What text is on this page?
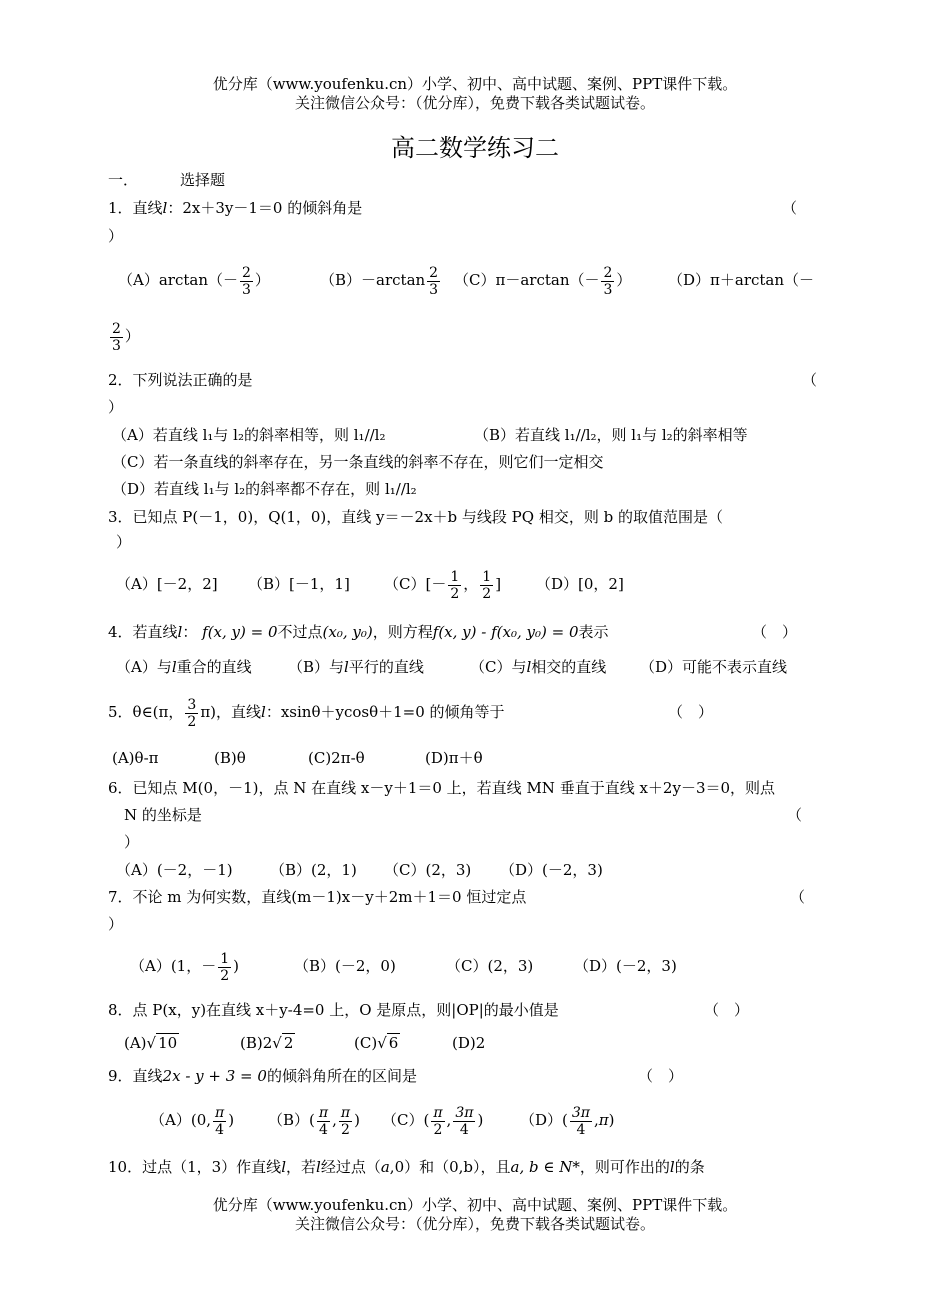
优分库（www.youfenku.cn）小学、初中、高中试题、案例、PPT课件下载。
关注微信公众号：（优分库），免费下载各类试题试卷。
高二数学练习二
一．	选择题
1．直线l：2x＋3y－1＝0 的倾斜角是	（
）
$(A)\arctan(- \frac{2}{3}$ ）	$(B)-\arctan \frac{2}{3} (C)\pi-\arctan(- \frac{2}{3}$ ） （D）π＋arctan（－
$\frac{2}{3}$ ）
2．下列说法正确的是	（
）
（A）若直线 l₁与 l₂的斜率相等，则 l₁//l₂	（B）若直线 l₁//l₂，则 l₁与 l₂的斜率相等
（C）若一条直线的斜率存在，另一条直线的斜率不存在，则它们一定相交
（D）若直线 l₁与 l₂的斜率都不存在，则 l₁//l₂
3．已知点 P(－1，0)，Q(1，0)，直线 y＝－2x＋b 与线段 PQ 相交，则 b 的取值范围是（
）
（A）[－2，2] （B）[－1，1] $(C)[- \frac{1}{2}$ ， $\frac{1}{2}$ ] （D）[0，2]
4．若直线l： f(x, y) = 0不过点(x₀, y₀)，则方程f(x, y) - f(x₀, y₀) = 0表示	（　）
（A）与l重合的直线 （B）与l平行的直线	（C）与l相交的直线 （D）可能不表示直线
5．θ∈(π， $\frac{3}{2} \pi$)，直线l：xsinθ＋ycosθ＋1=0 的倾角等于	（　）
(A)θ-π	(B)θ	(C)2π-θ	(D)π＋θ
6．已知点 M(0，－1)，点 N 在直线 x－y＋1＝0 上，若直线 MN 垂直于直线 x＋2y－3＝0，则点
N 的坐标是	（
）
（A）(－2，－1) （B）(2，1) （C）(2，3) （D）(－2，3)
7．不论 m 为何实数，直线(m－1)x－y＋2m＋1＝0 恒过定点	（
）
（A）(1，－ $\frac{1}{2}$ )	（B）(－2，0)	（C）(2，3)	（D）(－2，3)
8．点 P(x，y)在直线 x＋y-4=0 上，O 是原点，则|OP|的最小值是	（　）
(A)√ 10	(B)2√ 2	(C)√ 6	(D)2
9．直线2x - y + 3 = 0的倾斜角所在的区间是	（　）
（A）(0, $\frac{\pi}{4}$ ) $(B)( \frac{\pi}{4}$ , $\frac{\pi}{2}$ ) $(C)( \frac{\pi}{2}$ , $\frac{3\pi}{4}$ ) $(D)( \frac{3\pi}{4} ,\pi)$
10．过点（1，3）作直线l，若l经过点（a,0）和（0,b），且a, b ∈ N*，则可作出的l的条
优分库（www.youfenku.cn）小学、初中、高中试题、案例、PPT课件下载。
关注微信公众号：（优分库），免费下载各类试题试卷。
